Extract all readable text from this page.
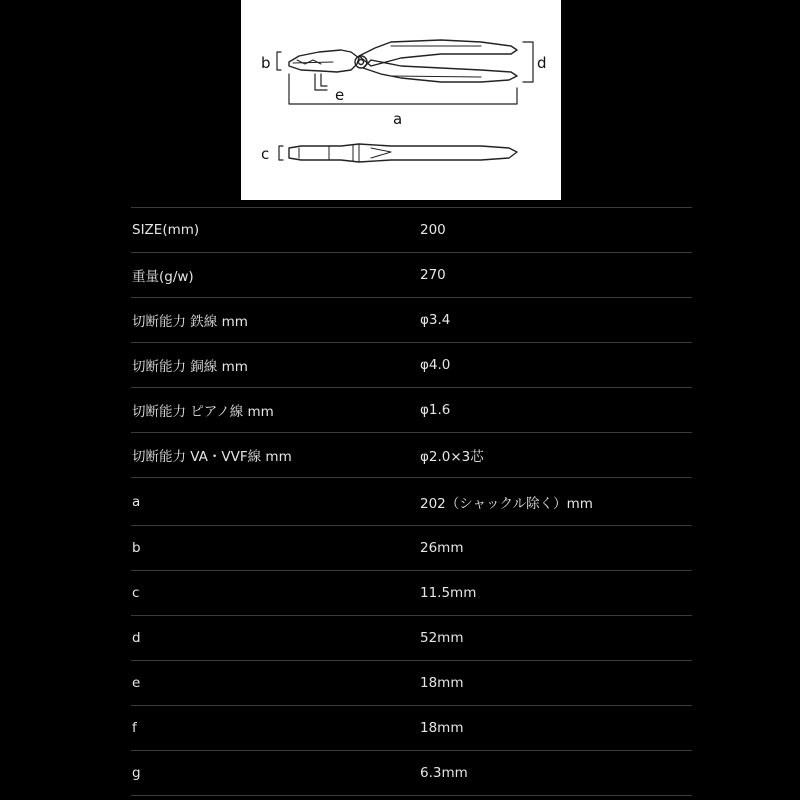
b	d
e
a
c
SIZE(mm)	200
重量(g/w)	270
切断能力 鉄線 mm	φ3.4
切断能力 銅線 mm	φ4.0
切断能力 ピアノ線 mm	φ1.6
切断能力 VA・VVF線 mm	φ2.0×3芯
a	202（シャックル除く）mm
b	26mm
c	11.5mm
d	52mm
e	18mm
f	18mm
g	6.3mm
